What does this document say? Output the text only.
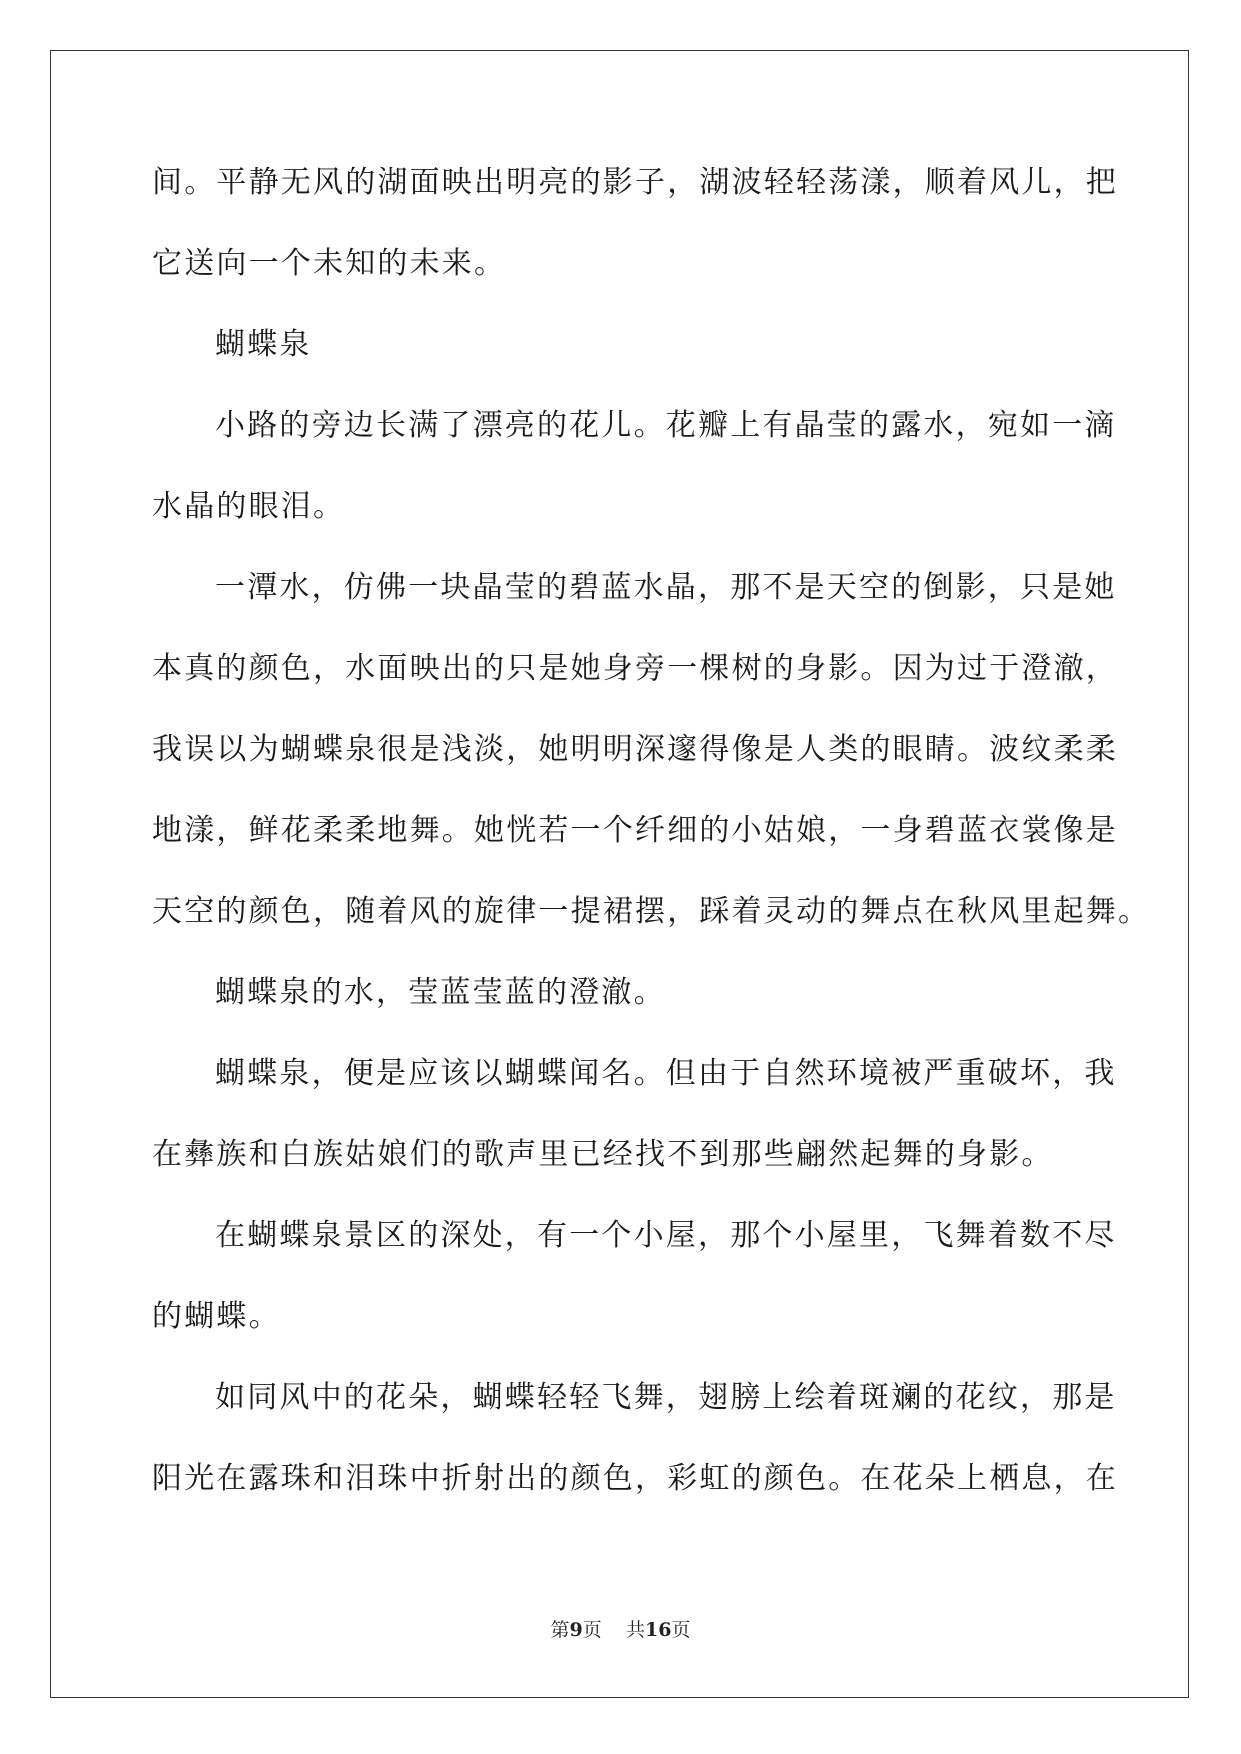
间。平静无风的湖面映出明亮的影子，湖波轻轻荡漾，顺着风儿，把

它送向一个未知的未来。

蝴蝶泉

小路的旁边长满了漂亮的花儿。花瓣上有晶莹的露水，宛如一滴

水晶的眼泪。

一潭水，仿佛一块晶莹的碧蓝水晶，那不是天空的倒影，只是她

本真的颜色，水面映出的只是她身旁一棵树的身影。因为过于澄澈，

我误以为蝴蝶泉很是浅淡，她明明深邃得像是人类的眼睛。波纹柔柔

地漾，鲜花柔柔地舞。她恍若一个纤细的小姑娘，一身碧蓝衣裳像是

天空的颜色，随着风的旋律一提裙摆，踩着灵动的舞点在秋风里起舞。

蝴蝶泉的水，莹蓝莹蓝的澄澈。

蝴蝶泉，便是应该以蝴蝶闻名。但由于自然环境被严重破坏，我

在彝族和白族姑娘们的歌声里已经找不到那些翩然起舞的身影。

在蝴蝶泉景区的深处，有一个小屋，那个小屋里，飞舞着数不尽

的蝴蝶。

如同风中的花朵，蝴蝶轻轻飞舞，翅膀上绘着斑斓的花纹，那是

阳光在露珠和泪珠中折射出的颜色，彩虹的颜色。在花朵上栖息，在

第9页 共16页
